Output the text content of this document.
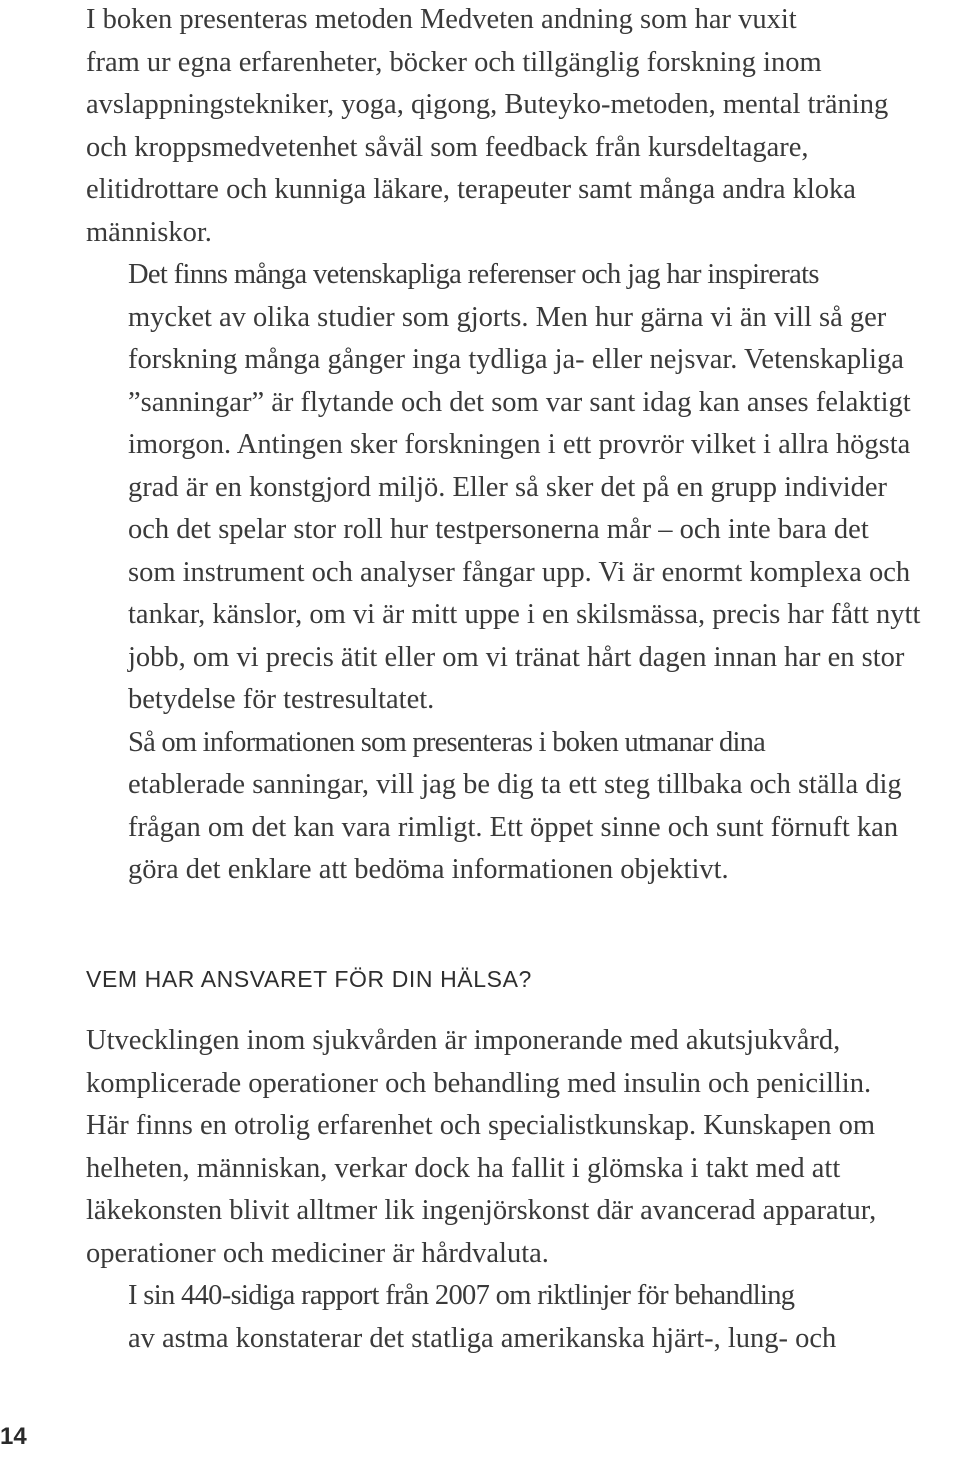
I boken presenteras metoden Medveten andning som har vuxit
fram ur egna erfarenheter, böcker och tillgänglig forskning inom
avslappningstekniker, yoga, qigong, Buteyko-metoden, mental träning
och kroppsmedvetenhet såväl som feedback från kursdeltagare,
elitidrottare och kunniga läkare, terapeuter samt många andra kloka
människor.

Det finns många vetenskapliga referenser och jag har inspirerats
mycket av olika studier som gjorts. Men hur gärna vi än vill så ger
forskning många gånger inga tydliga ja- eller nejsvar. Vetenskapliga
”sanningar” är flytande och det som var sant idag kan anses felaktigt
imorgon. Antingen sker forskningen i ett provrör vilket i allra högsta
grad är en konstgjord miljö. Eller så sker det på en grupp individer
och det spelar stor roll hur testpersonerna mår – och inte bara det
som instrument och analyser fångar upp. Vi är enormt komplexa och
tankar, känslor, om vi är mitt uppe i en skilsmässa, precis har fått nytt
jobb, om vi precis ätit eller om vi tränat hårt dagen innan har en stor
betydelse för testresultatet.

Så om informationen som presenteras i boken utmanar dina
etablerade sanningar, vill jag be dig ta ett steg tillbaka och ställa dig
frågan om det kan vara rimligt. Ett öppet sinne och sunt förnuft kan
göra det enklare att bedöma informationen objektivt.

VEM HAR ANSVARET FÖR DIN HÄLSA?

Utvecklingen inom sjukvården är imponerande med akutsjukvård,
komplicerade operationer och behandling med insulin och penicillin.
Här finns en otrolig erfarenhet och specialistkunskap. Kunskapen om
helheten, människan, verkar dock ha fallit i glömska i takt med att
läkekonsten blivit alltmer lik ingenjörskonst där avancerad apparatur,
operationer och mediciner är hårdvaluta.

I sin 440-sidiga rapport från 2007 om riktlinjer för behandling
av astma konstaterar det statliga amerikanska hjärt-, lung- och

14
